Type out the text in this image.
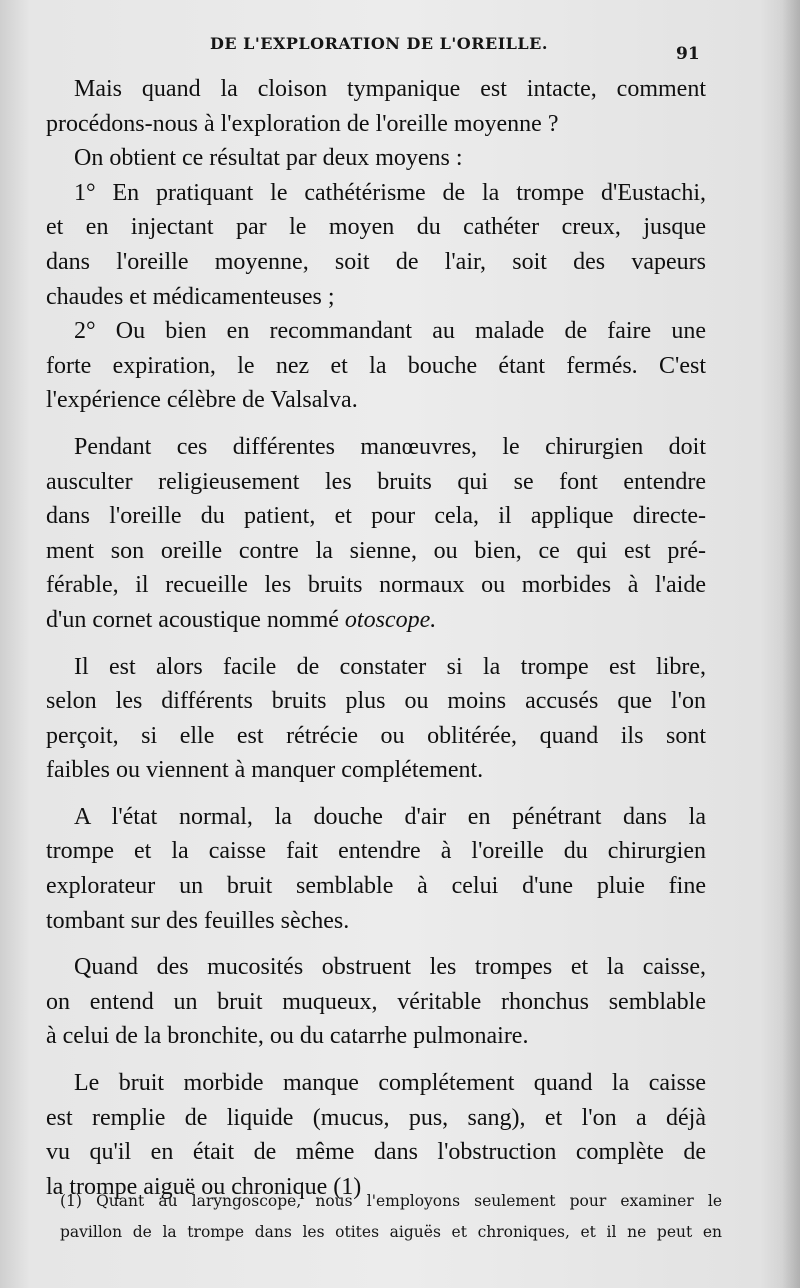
DE L'EXPLORATION DE L'OREILLE.
91

Mais quand la cloison tympanique est intacte, comment
procédons-nous à l'exploration de l'oreille moyenne ?

On obtient ce résultat par deux moyens :

1° En pratiquant le cathétérisme de la trompe d'Eustachi,
et en injectant par le moyen du cathéter creux, jusque
dans l'oreille moyenne, soit de l'air, soit des vapeurs
chaudes et médicamenteuses ;

2° Ou bien en recommandant au malade de faire une
forte expiration, le nez et la bouche étant fermés. C'est
l'expérience célèbre de Valsalva.

Pendant ces différentes manœuvres, le chirurgien doit
ausculter religieusement les bruits qui se font entendre
dans l'oreille du patient, et pour cela, il applique directe-
ment son oreille contre la sienne, ou bien, ce qui est pré-
férable, il recueille les bruits normaux ou morbides à l'aide
d'un cornet acoustique nommé otoscope.

Il est alors facile de constater si la trompe est libre,
selon les différents bruits plus ou moins accusés que l'on
perçoit, si elle est rétrécie ou oblitérée, quand ils sont
faibles ou viennent à manquer complétement.

A l'état normal, la douche d'air en pénétrant dans la
trompe et la caisse fait entendre à l'oreille du chirurgien
explorateur un bruit semblable à celui d'une pluie fine
tombant sur des feuilles sèches.

Quand des mucosités obstruent les trompes et la caisse,
on entend un bruit muqueux, véritable rhonchus semblable
à celui de la bronchite, ou du catarrhe pulmonaire.

Le bruit morbide manque complétement quand la caisse
est remplie de liquide (mucus, pus, sang), et l'on a déjà
vu qu'il en était de même dans l'obstruction complète de
la trompe aiguë ou chronique (1)

(1) Quant au laryngoscope, nous l'employons seulement pour examiner le
pavillon de la trompe dans les otites aiguës et chroniques, et il ne peut en
